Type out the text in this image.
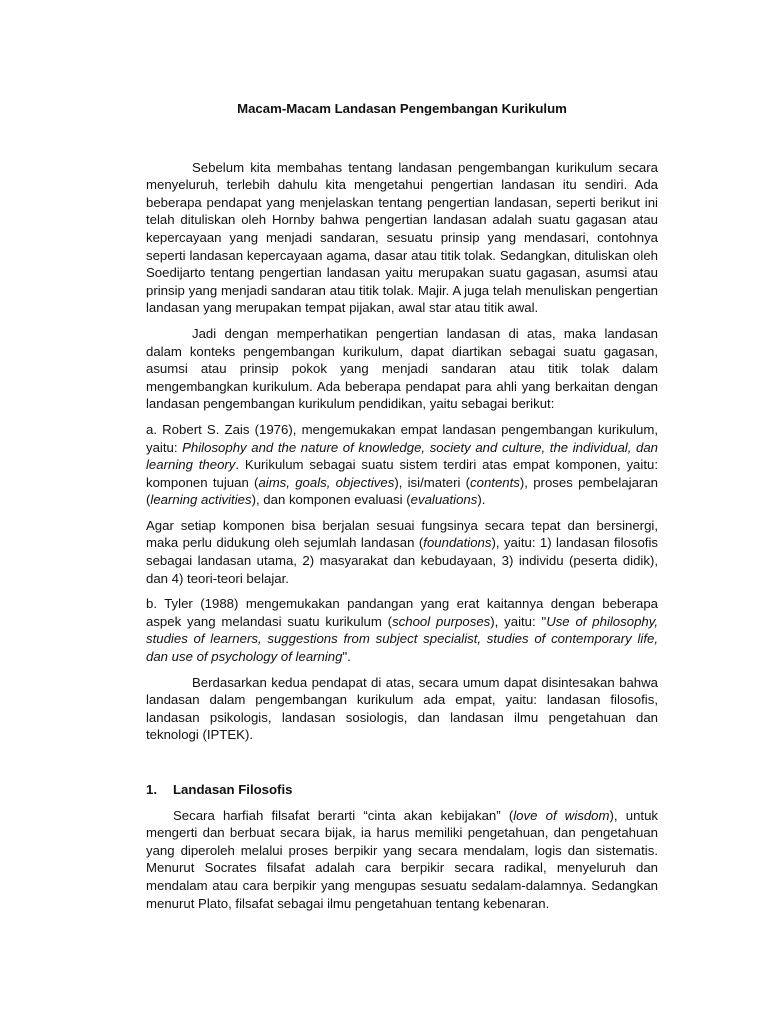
Macam-Macam Landasan Pengembangan Kurikulum

Sebelum kita membahas tentang landasan pengembangan kurikulum secara menyeluruh, terlebih dahulu kita mengetahui pengertian landasan itu sendiri. Ada beberapa pendapat yang menjelaskan tentang pengertian landasan, seperti berikut ini telah dituliskan oleh Hornby bahwa pengertian landasan adalah suatu gagasan atau kepercayaan yang menjadi sandaran, sesuatu prinsip yang mendasari, contohnya seperti landasan kepercayaan agama, dasar atau titik tolak. Sedangkan, dituliskan oleh Soedijarto tentang pengertian landasan yaitu merupakan suatu gagasan, asumsi atau prinsip yang menjadi sandaran atau titik tolak. Majir. A juga telah menuliskan pengertian landasan yang merupakan tempat pijakan, awal star atau titik awal.

Jadi dengan memperhatikan pengertian landasan di atas, maka landasan dalam konteks pengembangan kurikulum, dapat diartikan sebagai suatu gagasan, asumsi atau prinsip pokok yang menjadi sandaran atau titik tolak dalam mengembangkan kurikulum. Ada beberapa pendapat para ahli yang berkaitan dengan landasan pengembangan kurikulum pendidikan, yaitu sebagai berikut:

a. Robert S. Zais (1976), mengemukakan empat landasan pengembangan kurikulum, yaitu: Philosophy and the nature of knowledge, society and culture, the individual, dan learning theory. Kurikulum sebagai suatu sistem terdiri atas empat komponen, yaitu: komponen tujuan (aims, goals, objectives), isi/materi (contents), proses pembelajaran (learning activities), dan komponen evaluasi (evaluations).

Agar setiap komponen bisa berjalan sesuai fungsinya secara tepat dan bersinergi, maka perlu didukung oleh sejumlah landasan (foundations), yaitu: 1) landasan filosofis sebagai landasan utama, 2) masyarakat dan kebudayaan, 3) individu (peserta didik), dan 4) teori-teori belajar.

b. Tyler (1988) mengemukakan pandangan yang erat kaitannya dengan beberapa aspek yang melandasi suatu kurikulum (school purposes), yaitu: "Use of philosophy, studies of learners, suggestions from subject specialist, studies of contemporary life, dan use of psychology of learning".

Berdasarkan kedua pendapat di atas, secara umum dapat disintesakan bahwa landasan dalam pengembangan kurikulum ada empat, yaitu: landasan filosofis, landasan psikologis, landasan sosiologis, dan landasan ilmu pengetahuan dan teknologi (IPTEK).

1. Landasan Filosofis

Secara harfiah filsafat berarti “cinta akan kebijakan” (love of wisdom), untuk mengerti dan berbuat secara bijak, ia harus memiliki pengetahuan, dan pengetahuan yang diperoleh melalui proses berpikir yang secara mendalam, logis dan sistematis. Menurut Socrates filsafat adalah cara berpikir secara radikal, menyeluruh dan mendalam atau cara berpikir yang mengupas sesuatu sedalam-dalamnya. Sedangkan menurut Plato, filsafat sebagai ilmu pengetahuan tentang kebenaran.
